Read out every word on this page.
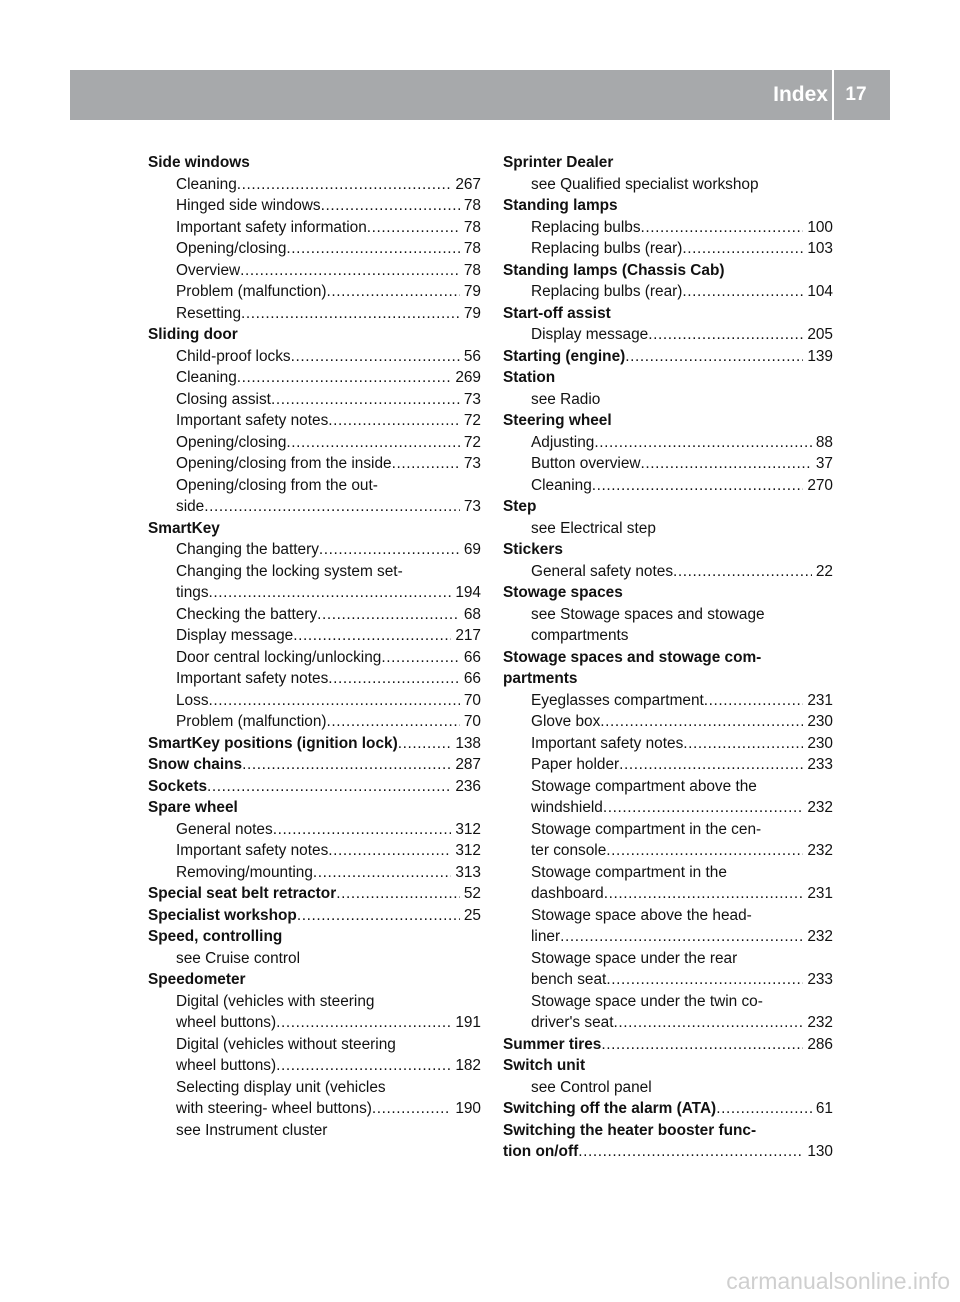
Index 17
Side windows
Cleaning .....	267
Hinged side windows .....	78
Important safety information .....	78
Opening/closing .....	78
Overview .....	78
Problem (malfunction) .....	79
Resetting .....	79
Sliding door
Child-proof locks .....	56
Cleaning .....	269
Closing assist .....	73
Important safety notes .....	72
Opening/closing .....	72
Opening/closing from the inside .....	73
Opening/closing from the out-
side .....	73
SmartKey
Changing the battery .....	69
Changing the locking system set-
tings .....	194
Checking the battery .....	68
Display message .....	217
Door central locking/unlocking .....	66
Important safety notes .....	66
Loss .....	70
Problem (malfunction) .....	70
SmartKey positions (ignition lock) .....	138
Snow chains .....	287
Sockets .....	236
Spare wheel
General notes .....	312
Important safety notes .....	312
Removing/mounting .....	313
Special seat belt retractor .....	52
Specialist workshop .....	25
Speed, controlling
see Cruise control
Speedometer
Digital (vehicles with steering
wheel buttons) .....	191
Digital (vehicles without steering
wheel buttons) .....	182
Selecting display unit (vehicles
with steering- wheel buttons) .....	190
see Instrument cluster
Sprinter Dealer
see Qualified specialist workshop
Standing lamps
Replacing bulbs .....	100
Replacing bulbs (rear) .....	103
Standing lamps (Chassis Cab)
Replacing bulbs (rear) .....	104
Start-off assist
Display message .....	205
Starting (engine) .....	139
Station
see Radio
Steering wheel
Adjusting .....	88
Button overview .....	37
Cleaning .....	270
Step
see Electrical step
Stickers
General safety notes .....	22
Stowage spaces
see Stowage spaces and stowage
compartments
Stowage spaces and stowage com-
partments
Eyeglasses compartment .....	231
Glove box .....	230
Important safety notes .....	230
Paper holder .....	233
Stowage compartment above the
windshield .....	232
Stowage compartment in the cen-
ter console .....	232
Stowage compartment in the
dashboard .....	231
Stowage space above the head-
liner .....	232
Stowage space under the rear
bench seat .....	233
Stowage space under the twin co-
driver's seat .....	232
Summer tires .....	286
Switch unit
see Control panel
Switching off the alarm (ATA) .....	61
Switching the heater booster func-
tion on/off .....	130
carmanualsonline.info
